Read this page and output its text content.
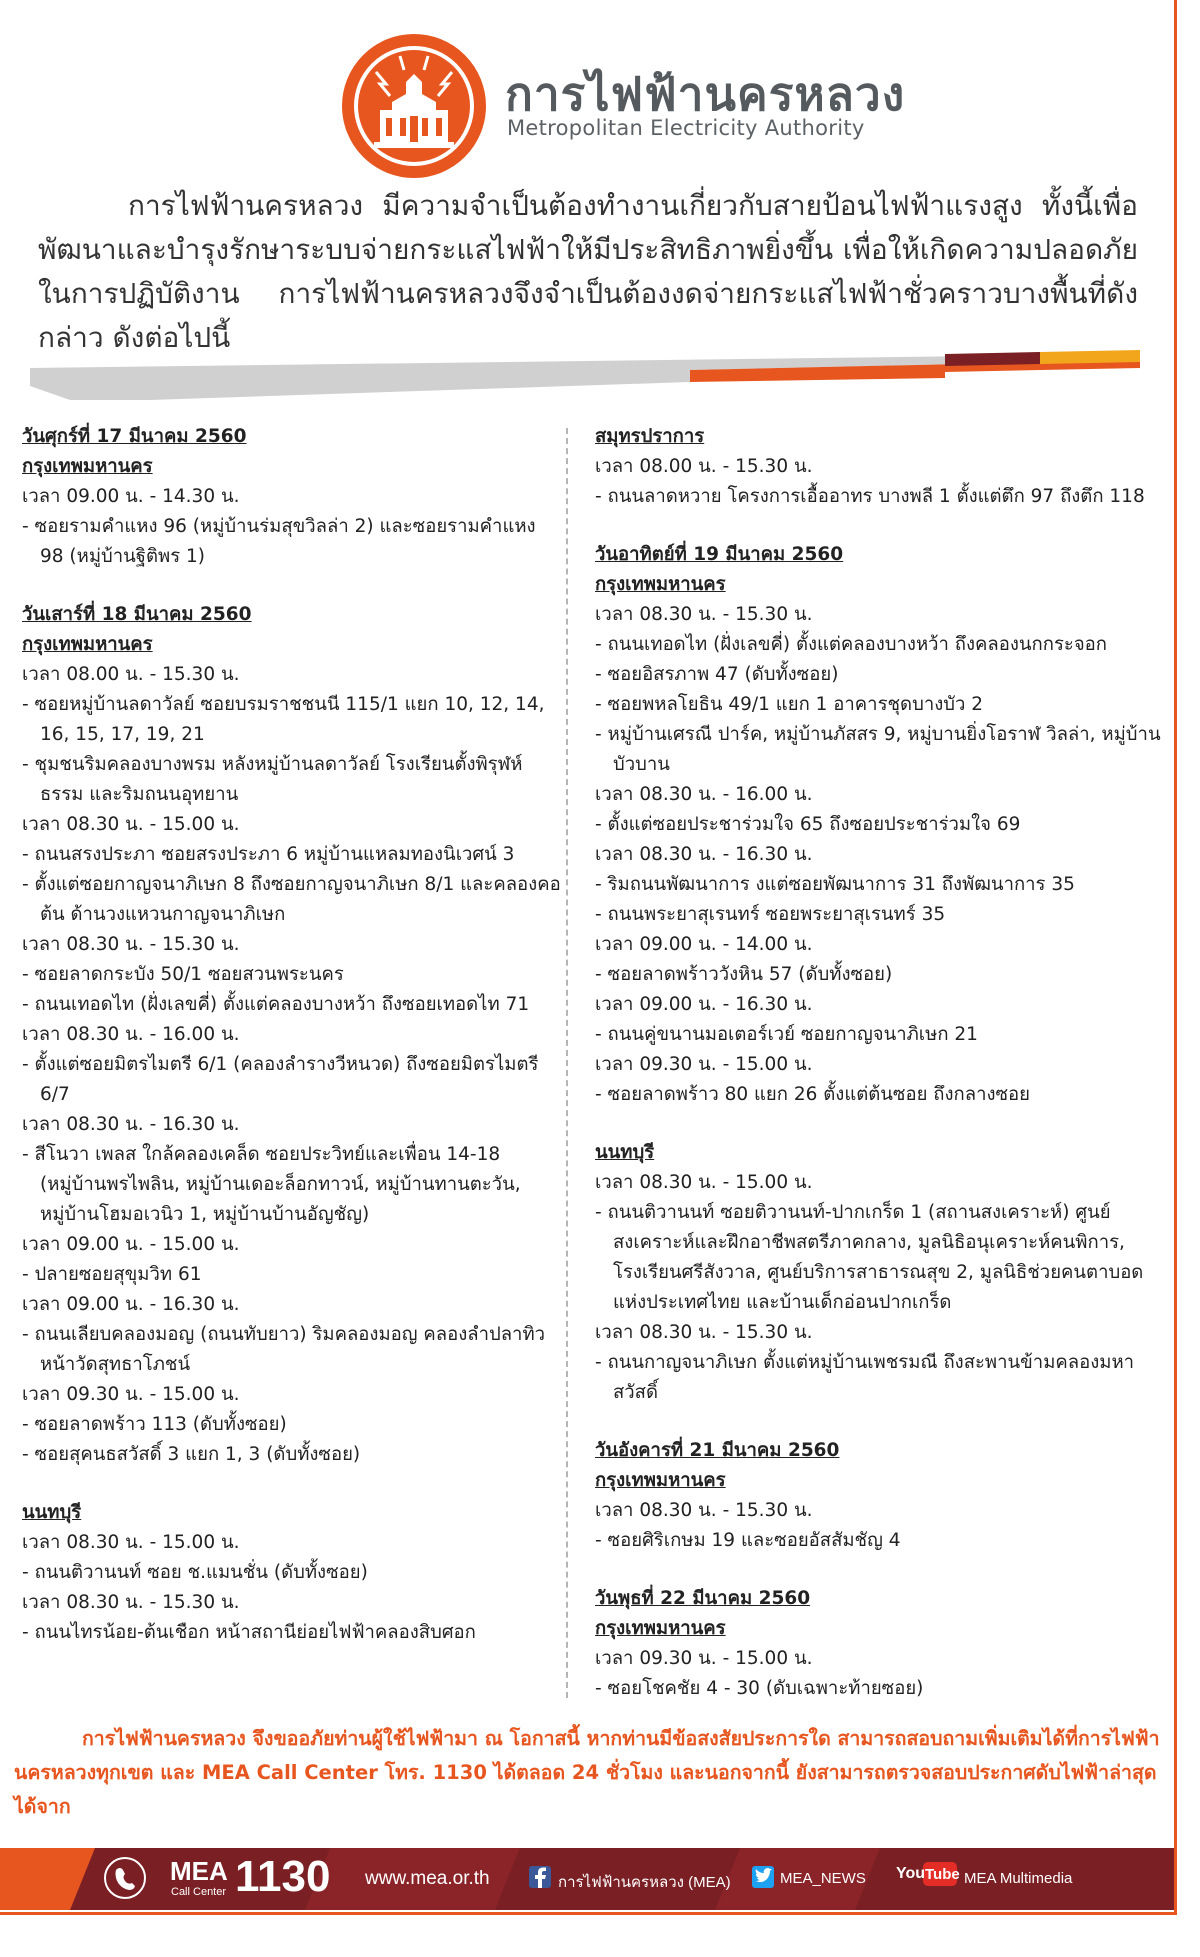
การไฟฟ้านครหลวง
Metropolitan Electricity Authority
การไฟฟ้านครหลวง มีความจำเป็นต้องทำงานเกี่ยวกับสายป้อนไฟฟ้าแรงสูง ทั้งนี้เพื่อพัฒนาและบำรุงรักษาระบบจ่ายกระแสไฟฟ้าให้มีประสิทธิภาพยิ่งขึ้น เพื่อให้เกิดความปลอดภัยในการปฏิบัติงาน การไฟฟ้านครหลวงจึงจำเป็นต้องงดจ่ายกระแสไฟฟ้าชั่วคราวบางพื้นที่ดังกล่าว ดังต่อไปนี้
วันศุกร์ที่ 17 มีนาคม 2560
กรุงเทพมหานคร
เวลา 09.00 น. - 14.30 น.
- ซอยรามคำแหง 96 (หมู่บ้านร่มสุขวิลล่า 2) และซอยรามคำแหง 98 (หมู่บ้านฐิติพร 1)
วันเสาร์ที่ 18 มีนาคม 2560
กรุงเทพมหานคร
เวลา 08.00 น. - 15.30 น.
- ซอยหมู่บ้านลดาวัลย์ ซอยบรมราชชนนี 115/1 แยก 10, 12, 14, 16, 15, 17, 19, 21
- ชุมชนริมคลองบางพรม หลังหมู่บ้านลดาวัลย์ โรงเรียนตั้งพิรุฬห์ธรรม และริมถนนอุทยาน
เวลา 08.30 น. - 15.00 น.
- ถนนสรงประภา ซอยสรงประภา 6 หมู่บ้านแหลมทองนิเวศน์ 3
- ตั้งแต่ซอยกาญจนาภิเษก 8 ถึงซอยกาญจนาภิเษก 8/1 และคลองคอต้น ด้านวงแหวนกาญจนาภิเษก
เวลา 08.30 น. - 15.30 น.
- ซอยลาดกระบัง 50/1 ซอยสวนพระนคร
- ถนนเทอดไท (ฝั่งเลขคี่) ตั้งแต่คลองบางหว้า ถึงซอยเทอดไท 71
เวลา 08.30 น. - 16.00 น.
- ตั้งแต่ซอยมิตรไมตรี 6/1 (คลองลำรางวีหนวด) ถึงซอยมิตรไมตรี 6/7
เวลา 08.30 น. - 16.30 น.
- สีโนวา เพลส ใกล้คลองเคล็ด ซอยประวิทย์และเพื่อน 14-18 (หมู่บ้านพรไพลิน, หมู่บ้านเดอะล็อกทาวน์, หมู่บ้านทานตะวัน, หมู่บ้านโฮมอเวนิว 1, หมู่บ้านบ้านอัญชัญ)
เวลา 09.00 น. - 15.00 น.
- ปลายซอยสุขุมวิท 61
เวลา 09.00 น. - 16.30 น.
- ถนนเลียบคลองมอญ (ถนนทับยาว) ริมคลองมอญ คลองลำปลาทิว หน้าวัดสุทธาโภชน์
เวลา 09.30 น. - 15.00 น.
- ซอยลาดพร้าว 113 (ดับทั้งซอย)
- ซอยสุคนธสวัสดิ์ 3 แยก 1, 3 (ดับทั้งซอย)
นนทบุรี
เวลา 08.30 น. - 15.00 น.
- ถนนติวานนท์ ซอย ช.แมนชั่น (ดับทั้งซอย)
เวลา 08.30 น. - 15.30 น.
- ถนนไทรน้อย-ต้นเชือก หน้าสถานีย่อยไฟฟ้าคลองสิบศอก
สมุทรปราการ
เวลา 08.00 น. - 15.30 น.
- ถนนลาดหวาย โครงการเอื้ออาทร บางพลี 1 ตั้งแต่ตึก 97 ถึงตึก 118
วันอาทิตย์ที่ 19 มีนาคม 2560
กรุงเทพมหานคร
เวลา 08.30 น. - 15.30 น.
- ถนนเทอดไท (ฝั่งเลขคี่) ตั้งแต่คลองบางหว้า ถึงคลองนกกระจอก
- ซอยอิสรภาพ 47 (ดับทั้งซอย)
- ซอยพหลโยธิน 49/1 แยก 1 อาคารชุดบางบัว 2
- หมู่บ้านเศรณี ปาร์ค, หมู่บ้านภัสสร 9, หมู่บานยิ่งโอราฬ วิลล่า, หมู่บ้านบัวบาน
เวลา 08.30 น. - 16.00 น.
- ตั้งแต่ซอยประชาร่วมใจ 65 ถึงซอยประชาร่วมใจ 69
เวลา 08.30 น. - 16.30 น.
- ริมถนนพัฒนาการ งแต่ซอยพัฒนาการ 31 ถึงพัฒนาการ 35
- ถนนพระยาสุเรนทร์ ซอยพระยาสุเรนทร์ 35
เวลา 09.00 น. - 14.00 น.
- ซอยลาดพร้าววังหิน 57 (ดับทั้งซอย)
เวลา 09.00 น. - 16.30 น.
- ถนนคู่ขนานมอเตอร์เวย์ ซอยกาญจนาภิเษก 21
เวลา 09.30 น. - 15.00 น.
- ซอยลาดพร้าว 80 แยก 26 ตั้งแต่ต้นซอย ถึงกลางซอย
นนทบุรี
เวลา 08.30 น. - 15.00 น.
- ถนนติวานนท์ ซอยติวานนท์-ปากเกร็ด 1 (สถานสงเคราะห์) ศูนย์สงเคราะห์และฝึกอาชีพสตรีภาคกลาง, มูลนิธิอนุเคราะห์คนพิการ, โรงเรียนศรีสังวาล, ศูนย์บริการสาธารณสุข 2, มูลนิธิช่วยคนตาบอดแห่งประเทศไทย และบ้านเด็กอ่อนปากเกร็ด
เวลา 08.30 น. - 15.30 น.
- ถนนกาญจนาภิเษก ตั้งแต่หมู่บ้านเพชรมณี ถึงสะพานข้ามคลองมหาสวัสดิ์
วันอังคารที่ 21 มีนาคม 2560
กรุงเทพมหานคร
เวลา 08.30 น. - 15.30 น.
- ซอยศิริเกษม 19 และซอยอัสสัมชัญ 4
วันพุธที่ 22 มีนาคม 2560
กรุงเทพมหานคร
เวลา 09.30 น. - 15.00 น.
- ซอยโชคชัย 4 - 30 (ดับเฉพาะท้ายซอย)
การไฟฟ้านครหลวง จึงขออภัยท่านผู้ใช้ไฟฟ้ามา ณ โอกาสนี้ หากท่านมีข้อสงสัยประการใด สามารถสอบถามเพิ่มเติมได้ที่การไฟฟ้านครหลวงทุกเขต และ MEA Call Center โทร. 1130 ได้ตลอด 24 ชั่วโมง และนอกจากนี้ ยังสามารถตรวจสอบประกาศดับไฟฟ้าล่าสุดได้จาก
MEA
Call Center 1130 www.mea.or.th	การไฟฟ้านครหลวง (MEA)	MEA_NEWS You Tube MEA Multimedia
